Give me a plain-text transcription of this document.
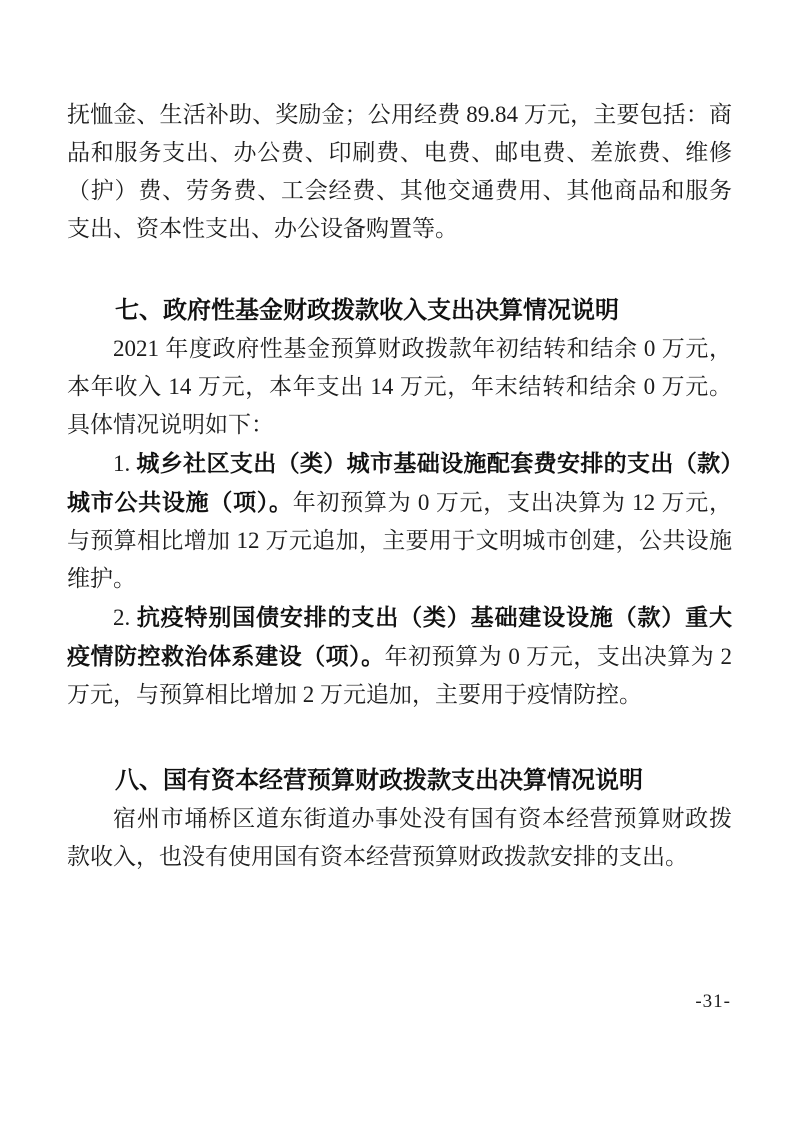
抚恤金、生活补助、奖励金；公用经费 89.84 万元，主要包括：商品和服务支出、办公费、印刷费、电费、邮电费、差旅费、维修（护）费、劳务费、工会经费、其他交通费用、其他商品和服务支出、资本性支出、办公设备购置等。

七、政府性基金财政拨款收入支出决算情况说明

2021 年度政府性基金预算财政拨款年初结转和结余 0 万元，本年收入 14 万元，本年支出 14 万元，年末结转和结余 0 万元。具体情况说明如下：

1. 城乡社区支出（类）城市基础设施配套费安排的支出（款）城市公共设施（项）。年初预算为 0 万元，支出决算为 12 万元，与预算相比增加 12 万元追加，主要用于文明城市创建，公共设施维护。

2. 抗疫特别国债安排的支出（类）基础建设设施（款）重大疫情防控救治体系建设（项）。年初预算为 0 万元，支出决算为 2 万元，与预算相比增加 2 万元追加，主要用于疫情防控。

八、国有资本经营预算财政拨款支出决算情况说明

宿州市埇桥区道东街道办事处没有国有资本经营预算财政拨款收入，也没有使用国有资本经营预算财政拨款安排的支出。

-31-
